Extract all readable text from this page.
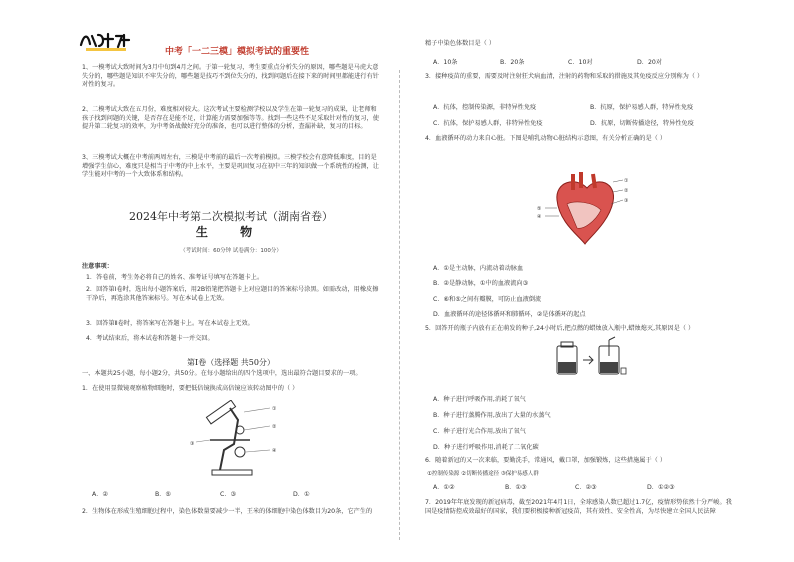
中考「一二三模」模拟考试的重要性
1、一模考试大致时间为3月中旬到4月之间。于第一轮复习，考生要重点分析失分的原因，哪些题是马虎大意失分的，哪些题是知识不牢失分的，哪些题是技巧不到位失分的，找到问题后在接下来的时间里都能进行有针对性的复习。
2、二模考试大致在五月份，难度相对较大。这次考试主要检测学校以及学生在第一轮复习的成果，让老师和孩子找到问题的关键，是否存在是能不足，计算能力需要加强等等。找到一些这些不足采取针对性的复习，使提升第二轮复习的效率，为中考备战做好充分的准备，也可以进行整体的分析，查漏补缺，复习的目标。
3、三模考试大概在中考前两周左右，三模是中考前的最后一次考前模拟。三模学校会有意降低难度，目的是增强学生信心，难度只是相当于中考的中上水平，主要是巩固复习在初中三年的知识做一个系统性的检测，让学生能对中考的一个大致体系和结构。
2024年中考第二次模拟考试（湖南省卷）
生 物
（考试时间：60分钟 试卷满分：100分）
注意事项：
1．答卷前，考生务必将自己的姓名、准考证号填写在答题卡上。
2．回答第Ⅰ卷时，选出每小题答案后，用2B铅笔把答题卡上对应题目的答案标号涂黑。如需改动，用橡皮擦干净后，再选涂其他答案标号。写在本试卷上无效。
3．回答第Ⅱ卷时，将答案写在答题卡上。写在本试卷上无效。
4．考试结束后，将本试卷和答题卡一并交回。
第Ⅰ卷（选择题 共50分）
一、本题共25小题，每小题2分，共50分。在每小题给出的四个选项中，选出最符合题目要求的一项。
1．在使用显微镜观察植物细胞时，要把低倍镜换成高倍镜应该转动图中的（ ）
①
②
④
③
A．②	B．⑤	C．③	D．①
2．生物体在形成生殖细胞过程中，染色体数量要减少一半，王米的体细胞中染色体数目为20条，它产生的
精子中染色体数目是（ ）
A．10条	B．20条	C．10对	D．20对
3．接种疫苗的重要，需要及时注射狂犬病血清，注射的药物和采取的措施及其免疫反应分别称为（ ）
A．抗体，控制传染源，非特异性免疫	B．抗原，保护易感人群，特异性免疫
C．抗体，保护易感人群，非特异性免疫	D．抗原，切断传播途径，特异性免疫
4．血液循环的动力来自心脏。下图是哺乳动物心脏结构示意图，有关分析正确的是（ ）
①
②
③
⑤
④
A．①是主动脉，内流动着动脉血
B．②是静动脉，①中的血液流向③
C．⑥和⑤之间有瓣膜，可防止血液倒流
D．血液循环的途径体循环和肺循环，②是体循环的起点
5．回答开的瓶子内放有正在萌发的种子,24小时后,把点燃的蜡烛放入瓶中,蜡烛熄灭,其原因是（ ）
A．种子进行呼吸作用,消耗了氧气
B．种子进行蒸腾作用,放出了大量的水蒸气
C．种子进行光合作用,放出了氧气
D．种子进行呼吸作用,消耗了二氧化碳
6．随着新冠的又一次来临，要勤洗手，常通风，戴口罩，加强锻炼，这些措施属于（ ）
①控制传染源 ②切断传播途径 ③保护易感人群
A．①②	B．①③	C．②③	D．①②③
7．2019年年底发现的新冠病毒，截至2021年4月1日，全球感染人数已超过1.7亿，疫情形势依然十分严峻。我国是疫情防控成效最好的国家，我们要积极接种新冠疫苗，其有效性、安全性高，为尽快建立全国人民法障
